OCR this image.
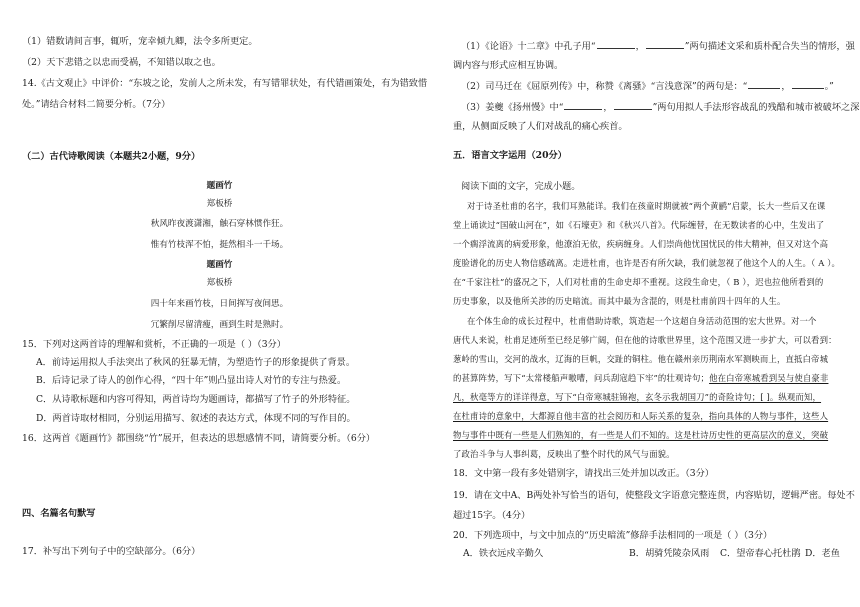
（1）错数请间言事，辄听，宠幸倾九卿，法令多所更定。
（2）天下悲错之以忠而受祸，不知错以取之也。
14.《古文观止》中评价：“东坡之论，发前人之所未发，有写错罪状处，有代错画策处，有为错致惜
处。”请结合材料二简要分析。（7分）
（二）古代诗歌阅读（本题共2小题，9分）
题画竹
郑板桥
秋风昨夜渡潇湘，触石穿林惯作狂。
惟有竹枝浑不怕，挺然相斗一千场。
题画竹
郑板桥
四十年来画竹枝，日间挥写夜间思。
冗繁削尽留清瘦，画到生时是熟时。
15．下列对这两首诗的理解和赏析，不正确的一项是（ ）（3分）
A．前诗运用拟人手法突出了秋风的狂暴无情，为塑造竹子的形象提供了背景。
B．后诗记录了诗人的创作心得，“四十年”则凸显出诗人对竹的专注与热爱。
C．从诗歌标题和内容可得知，两首诗均为题画诗，都描写了竹子的外形特征。
D．两首诗取材相同，分别运用描写、叙述的表达方式，体现不同的写作目的。
16．这两首《题画竹》都围绕“竹”展开，但表达的思想感情不同，请简要分析。（6分）
四、名篇名句默写
17．补写出下列句子中的空缺部分。（6分）
（1）《论语》十二章》中孔子用“	，	”两句描述文采和质朴配合失当的情形，强
调内容与形式应相互协调。
（2）司马迁在《屈原列传》中，称赞《离骚》“言浅意深”的两句是：“	，	。”
（3）姜夔《扬州慢》中“	，	”两句用拟人手法形容战乱的残酷和城市被破坏之深
重，从侧面反映了人们对战乱的痛心疾首。
五．语言文字运用（20分）
阅读下面的文字，完成小题。
对于诗圣杜甫的名字，我们耳熟能详。我们在孩童时期就被“两个黄鹂”启蒙，长大一些后又在课
堂上诵读过“国破山河在”，如《石壕吏》和《秋兴八首》。代际缠替，在无数读者的心中，生发出了
一个瘸浮流离的病爱形象，他潦泊无依，疾病缠身。人们崇尚他忧国忧民的伟大精神，但又对这个高
度脸谱化的历史人物信感疏离。走进杜甫，也许是否有所欠缺，我们就忽视了他这个人的人生。（ A ）。
在“千家注杜”的盛况之下，人们对杜甫的生命史却不重视。这段生命史，（ B ），迟也拉他所看到的
历史事象，以及他所关涉的历史暗流。而其中最为含混的，则是杜甫前四十四年的人生。
在个体生命的成长过程中，杜甫借助诗歌，筑造起一个这超自身活动范围的宏大世界。对一个
唐代人来说，杜甫足迹所至已经足够广阔，但在他的诗歌世界里，这个范围又进一步扩大，可以看到：
葱岭的雪山，交河的战水，辽海的巨帆，交趾的铜柱。他在赣州亲历荆南水军测映而上，直抵白帝城
的甚算阵势，写下“太常楼船声嗷嘈，问兵刮寇趋下牢”的壮观诗句；他在白帝寒城看到吴与使自豪非
凡，秋毫等方的详详得意，写下“白帝寒城驻锦袍，玄冬示我胡国刀”的奇险诗句；[ ]。纵观而知，
在杜甫诗的意象中，大都源自他丰富的社会阅历和人际关系的复杂，指向具体的人物与事件，这些人
物与事件中既有一些是人们熟知的，有一些是人们不知的。这是杜诗历史性的更高层次的意义，突破
了政治斗争与人事纠葛，反映出了整个时代的风气与面貌。
18．文中第一段有多处错别字，请找出三处并加以改正。（3分）
19．请在文中A、B两处补写恰当的语句，使整段文字语意完整连贯，内容贴切，逻辑严密。每处不
超过15字。（4分）
20．下列选项中，与文中加点的“历史暗流”修辞手法相同的一项是（ ）（3分）
A．铁衣远戍辛勤久	B．胡骑凭陵杂风雨 C．望帝春心托杜鹃 D．老鱼
